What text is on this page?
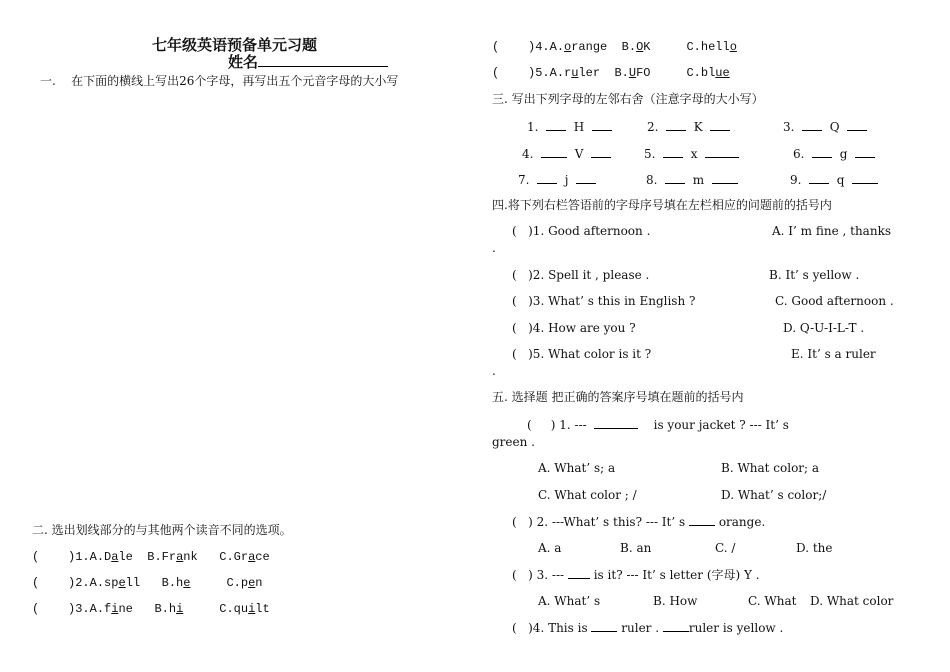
七年级英语预备单元习题
姓名
一. 在下面的横线上写出26个字母，再写出五个元音字母的大小写
二. 选出划线部分的与其他两个读音不同的选项。
(    )1.A.Dale B.Frank C.Grace
(    )2.A.spell B.he	C.pen
(    )3.A.fine B.hi	C.quilt
(    )4.A.orange B.OK	C.hello
(    )5.A.ruler B.UFO	C.blue
三. 写出下列字母的左邻右舍（注意字母的大小写）
1.	H	2.	K	3.	Q
4.	V	5.	x	6.	g
7.	j	8.	m	9.	q
四.将下列右栏答语前的字母序号填在左栏相应的问题前的括号内
(   )1. Good afternoon .	A. I’ m fine , thanks
.
(   )2. Spell it , please .	B. It’ s yellow .
(   )3. What’ s this in English ?	C. Good afternoon .
(   )4. How are you ?	D. Q-U-I-L-T .
(   )5. What color is it ?	E. It’ s a ruler
.
五. 选择题 把正确的答案序号填在题前的括号内
(     ) 1. ---	is your jacket ? --- It’ s
green .
A. What’ s; a	B. What color; a
C. What color ; /	D. What’ s color;/
(   ) 2. ---What’ s this? --- It’ s	orange.
A. a	B. an	C. /	D. the
(   ) 3. --- is it? --- It’ s letter (字母) Y .
A. What’ s	B. How	C. What D. What color
(   )4. This is	ruler . ruler is yellow .
